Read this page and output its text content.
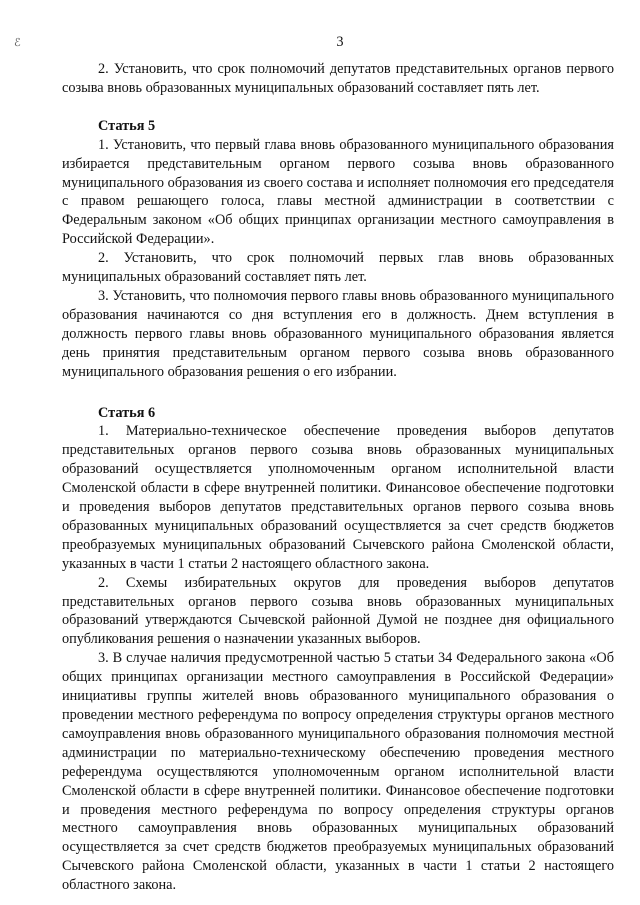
ℰ	3

2. Установить, что срок полномочий депутатов представительных органов первого созыва вновь образованных муниципальных образований составляет пять лет.

Статья 5

1. Установить, что первый глава вновь образованного муниципального образования избирается представительным органом первого созыва вновь образованного муниципального образования из своего состава и исполняет полномочия его председателя с правом решающего голоса, главы местной администрации в соответствии с Федеральным законом «Об общих принципах организации местного самоуправления в Российской Федерации».

2. Установить, что срок полномочий первых глав вновь образованных муниципальных образований составляет пять лет.

3. Установить, что полномочия первого главы вновь образованного муниципального образования начинаются со дня вступления его в должность. Днем вступления в должность первого главы вновь образованного муниципального образования является день принятия представительным органом первого созыва вновь образованного муниципального образования решения о его избрании.

Статья 6

1. Материально-техническое обеспечение проведения выборов депутатов представительных органов первого созыва вновь образованных муниципальных образований осуществляется уполномоченным органом исполнительной власти Смоленской области в сфере внутренней политики. Финансовое обеспечение подготовки и проведения выборов депутатов представительных органов первого созыва вновь образованных муниципальных образований осуществляется за счет средств бюджетов преобразуемых муниципальных образований Сычевского района Смоленской области, указанных в части 1 статьи 2 настоящего областного закона.

2. Схемы избирательных округов для проведения выборов депутатов представительных органов первого созыва вновь образованных муниципальных образований утверждаются Сычевской районной Думой не позднее дня официального опубликования решения о назначении указанных выборов.

3. В случае наличия предусмотренной частью 5 статьи 34 Федерального закона «Об общих принципах организации местного самоуправления в Российской Федерации» инициативы группы жителей вновь образованного муниципального образования о проведении местного референдума по вопросу определения структуры органов местного самоуправления вновь образованного муниципального образования полномочия местной администрации по материально-техническому обеспечению проведения местного референдума осуществляются уполномоченным органом исполнительной власти Смоленской области в сфере внутренней политики. Финансовое обеспечение подготовки и проведения местного референдума по вопросу определения структуры органов местного самоуправления вновь образованных муниципальных образований осуществляется за счет средств бюджетов преобразуемых муниципальных образований Сычевского района Смоленской области, указанных в части 1 статьи 2 настоящего областного закона.
